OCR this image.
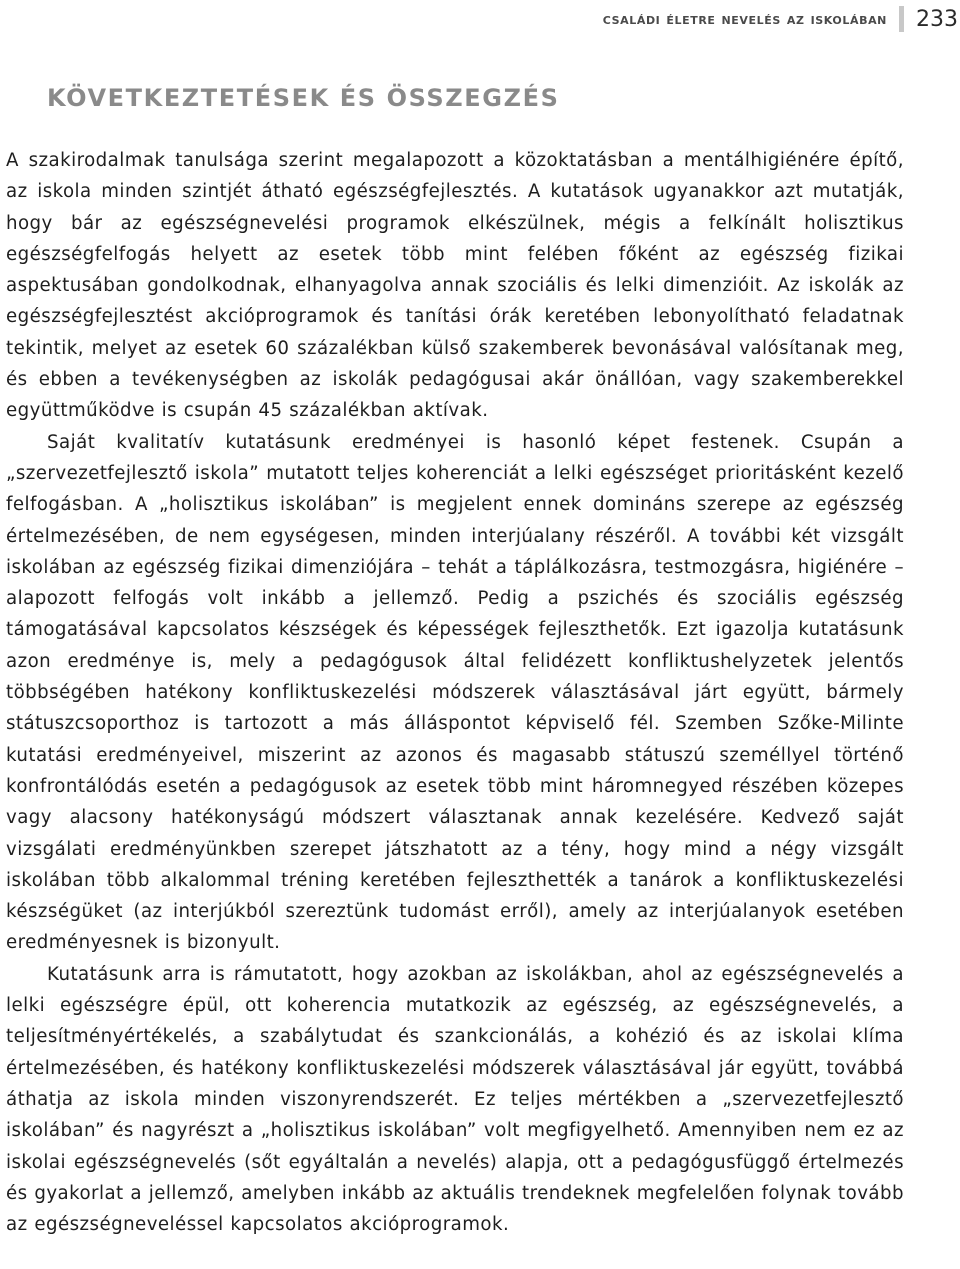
családi életre nevelés az iskolában 233
KÖVETKEZTETÉSEK ÉS ÖSSZEGZÉS

A szakirodalmak tanulsága szerint megalapozott a közoktatásban a mentálhigiénére építő, az iskola minden szintjét átható egészségfejlesztés. A kutatások ugyanakkor azt mutatják, hogy bár az egészségnevelési programok elkészülnek, mégis a felkínált holisztikus egészségfelfogás helyett az esetek több mint felében főként az egészség fizikai aspektusában gondolkodnak, elhanyagolva annak szociális és lelki dimenzióit. Az iskolák az egészségfejlesztést akcióprogramok és tanítási órák keretében lebonyolítható feladatnak tekintik, melyet az esetek 60 százalékban külső szakemberek bevonásával valósítanak meg, és ebben a tevékenységben az iskolák pedagógusai akár önállóan, vagy szakemberekkel együttműködve is csupán 45 százalékban aktívak.

Saját kvalitatív kutatásunk eredményei is hasonló képet festenek. Csupán a „szervezetfejlesztő iskola” mutatott teljes koherenciát a lelki egészséget prioritásként kezelő felfogásban. A „holisztikus iskolában” is megjelent ennek domináns szerepe az egészség értelmezésében, de nem egységesen, minden interjúalany részéről. A további két vizsgált iskolában az egészség fizikai dimenziójára – tehát a táplálkozásra, testmozgásra, higiénére – alapozott felfogás volt inkább a jellemző. Pedig a pszichés és szociális egészség támogatásával kapcsolatos készségek és képességek fejleszthetők. Ezt igazolja kutatásunk azon eredménye is, mely a pedagógusok által felidézett konfliktushelyzetek jelentős többségében hatékony konfliktuskezelési módszerek választásával járt együtt, bármely státuszcsoporthoz is tartozott a más álláspontot képviselő fél. Szemben Szőke-Milinte kutatási eredményeivel, miszerint az azonos és magasabb státuszú személlyel történő konfrontálódás esetén a pedagógusok az esetek több mint háromnegyed részében közepes vagy alacsony hatékonyságú módszert választanak annak kezelésére. Kedvező saját vizsgálati eredményünkben szerepet játszhatott az a tény, hogy mind a négy vizsgált iskolában több alkalommal tréning keretében fejleszthették a tanárok a konfliktuskezelési készségüket (az interjúkból szereztünk tudomást erről), amely az interjúalanyok esetében eredményesnek is bizonyult.

Kutatásunk arra is rámutatott, hogy azokban az iskolákban, ahol az egészségnevelés a lelki egészségre épül, ott koherencia mutatkozik az egészség, az egészségnevelés, a teljesítményértékelés, a szabálytudat és szankcionálás, a kohézió és az iskolai klíma értelmezésében, és hatékony konfliktuskezelési módszerek választásával jár együtt, továbbá áthatja az iskola minden viszonyrendszerét. Ez teljes mértékben a „szervezetfejlesztő iskolában” és nagyrészt a „holisztikus iskolában” volt megfigyelhető. Amennyiben nem ez az iskolai egészségnevelés (sőt egyáltalán a nevelés) alapja, ott a pedagógusfüggő értelmezés és gyakorlat a jellemző, amelyben inkább az aktuális trendeknek megfelelően folynak tovább az egészségneveléssel kapcsolatos akcióprogramok.
